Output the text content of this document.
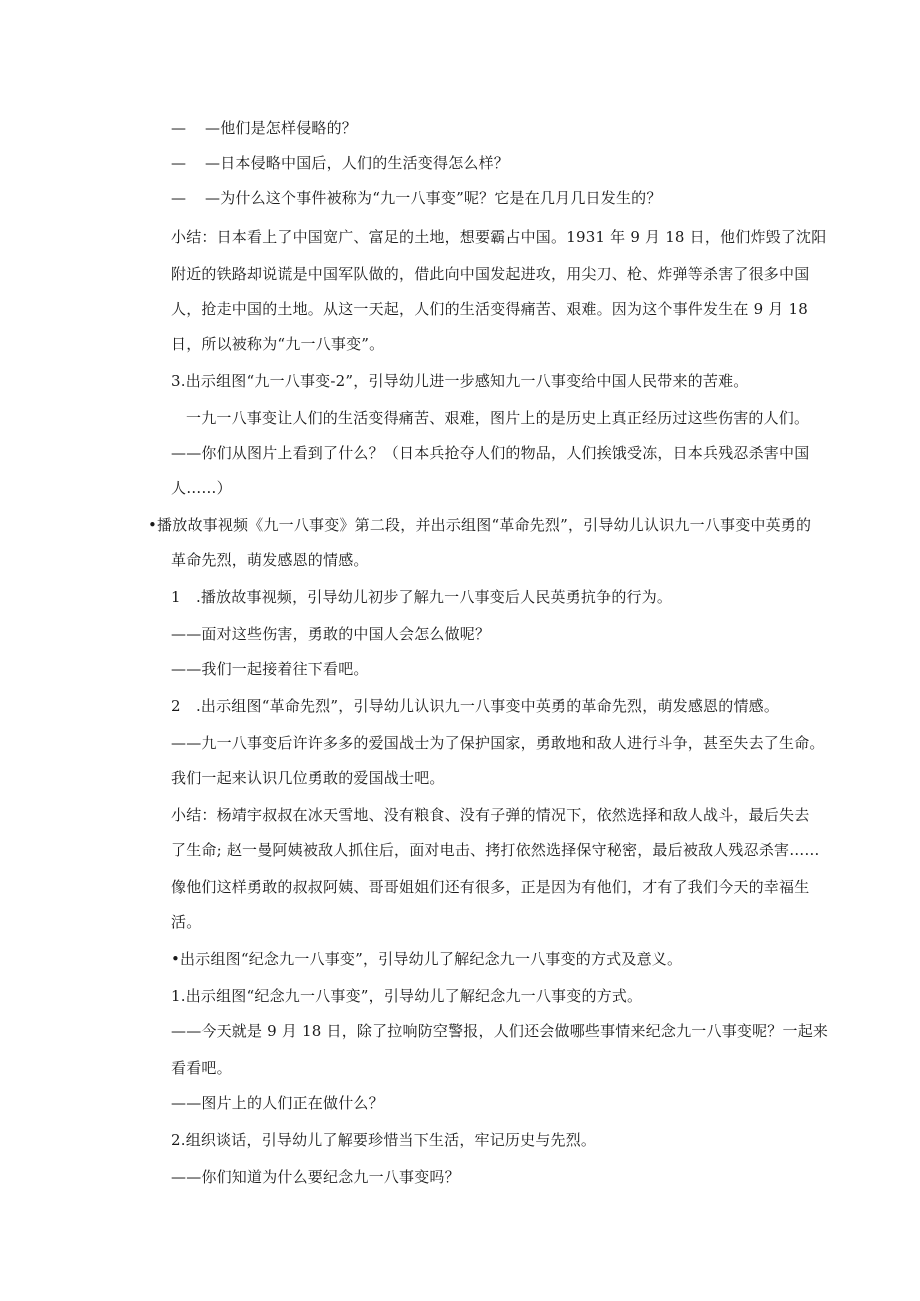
— —他们是怎样侵略的？
— —日本侵略中国后，人们的生活变得怎么样？
— —为什么这个事件被称为“九一八事变”呢？它是在几月几日发生的？
小结：日本看上了中国宽广、富足的土地，想要霸占中国。1931 年 9 月 18 日，他们炸毁了沈阳
附近的铁路却说谎是中国军队做的，借此向中国发起进攻，用尖刀、枪、炸弹等杀害了很多中国
人，抢走中国的土地。从这一天起，人们的生活变得痛苦、艰难。因为这个事件发生在 9 月 18
日，所以被称为“九一八事变”。
3.出示组图“九一八事变-2”，引导幼儿进一步感知九一八事变给中国人民带来的苦难。
一九一八事变让人们的生活变得痛苦、艰难，图片上的是历史上真正经历过这些伤害的人们。
——你们从图片上看到了什么？（日本兵抢夺人们的物品，人们挨饿受冻，日本兵残忍杀害中国
人……）
•播放故事视频《九一八事变》第二段，并出示组图“革命先烈”，引导幼儿认识九一八事变中英勇的
革命先烈，萌发感恩的情感。
1　.播放故事视频，引导幼儿初步了解九一八事变后人民英勇抗争的行为。
——面对这些伤害，勇敢的中国人会怎么做呢？
——我们一起接着往下看吧。
2　.出示组图“革命先烈”，引导幼儿认识九一八事变中英勇的革命先烈，萌发感恩的情感。
——九一八事变后许许多多的爱国战士为了保护国家，勇敢地和敌人进行斗争，甚至失去了生命。
我们一起来认识几位勇敢的爱国战士吧。
小结：杨靖宇叔叔在冰天雪地、没有粮食、没有子弹的情况下，依然选择和敌人战斗，最后失去
了生命; 赵一曼阿姨被敌人抓住后，面对电击、拷打依然选择保守秘密，最后被敌人残忍杀害……
像他们这样勇敢的叔叔阿姨、哥哥姐姐们还有很多，正是因为有他们，才有了我们今天的幸福生
活。
•出示组图“纪念九一八事变”，引导幼儿了解纪念九一八事变的方式及意义。
1.出示组图“纪念九一八事变”，引导幼儿了解纪念九一八事变的方式。
——今天就是 9 月 18 日，除了拉响防空警报，人们还会做哪些事情来纪念九一八事变呢？一起来
看看吧。
——图片上的人们正在做什么？
2.组织谈话，引导幼儿了解要珍惜当下生活，牢记历史与先烈。
——你们知道为什么要纪念九一八事变吗？
